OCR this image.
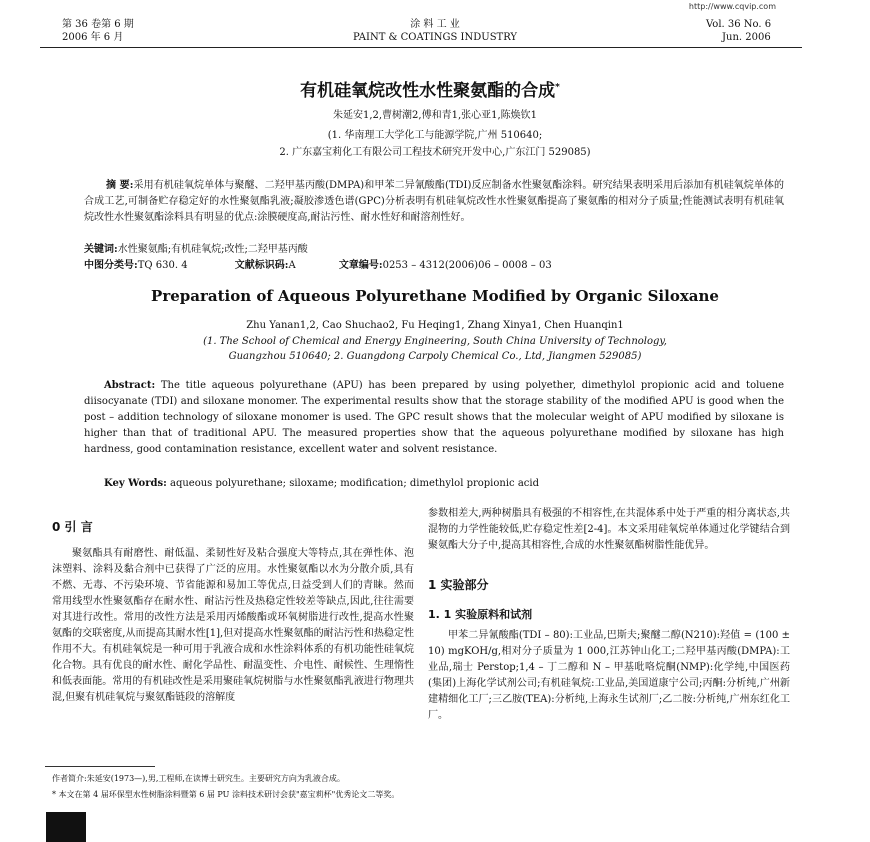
http://www.cqvip.com
第 36 卷第 6 期
2006 年 6 月
涂 料 工 业
PAINT & COATINGS INDUSTRY
Vol. 36 No. 6
Jun. 2006
有机硅氧烷改性水性聚氨酯的合成*
朱延安1,2,曹树潮2,傅和青1,张心亚1,陈焕钦1
(1. 华南理工大学化工与能源学院,广州 510640;
2. 广东嘉宝莉化工有限公司工程技术研究开发中心,广东江门 529085)
摘 要:采用有机硅氧烷单体与聚醚、二羟甲基丙酸(DMPA)和甲苯二异氰酸酯(TDI)反应制备水性聚氨酯涂料。研究结果表明采用后添加有机硅氧烷单体的合成工艺,可制备贮存稳定好的水性聚氨酯乳液;凝胶渗透色谱(GPC)分析表明有机硅氧烷改性水性聚氨酯提高了聚氨酯的相对分子质量;性能测试表明有机硅氧烷改性水性聚氨酯涂料具有明显的优点:涂膜硬度高,耐沾污性、耐水性好和耐溶剂性好。
关键词:水性聚氨酯;有机硅氧烷;改性;二羟甲基丙酸
中图分类号:TQ 630. 4	文献标识码:A	文章编号:0253 – 4312(2006)06 – 0008 – 03
Preparation of Aqueous Polyurethane Modified by Organic Siloxane
Zhu Yanan1,2, Cao Shuchao2, Fu Heqing1, Zhang Xinya1, Chen Huanqin1
(1. The School of Chemical and Energy Engineering, South China University of Technology,
Guangzhou 510640; 2. Guangdong Carpoly Chemical Co., Ltd, Jiangmen 529085)
Abstract: The title aqueous polyurethane (APU) has been prepared by using polyether, dimethylol propionic acid and toluene diisocyanate (TDI) and siloxane monomer. The experimental results show that the storage stability of the modified APU is good when the post – addition technology of siloxane monomer is used. The GPC result shows that the molecular weight of APU modified by siloxane is higher than that of traditional APU. The measured properties show that the aqueous polyurethane modified by siloxane has high hardness, good contamination resistance, excellent water and solvent resistance.
Key Words: aqueous polyurethane; siloxame; modification; dimethylol propionic acid
0 引 言

聚氨酯具有耐磨性、耐低温、柔韧性好及粘合强度大等特点,其在弹性体、泡沫塑料、涂料及黏合剂中已获得了广泛的应用。水性聚氨酯以水为分散介质,具有不燃、无毒、不污染环境、节省能源和易加工等优点,日益受到人们的青睐。然而常用线型水性聚氨酯存在耐水性、耐沾污性及热稳定性较差等缺点,因此,往往需要对其进行改性。常用的改性方法是采用丙烯酸酯或环氧树脂进行改性,提高水性聚氨酯的交联密度,从而提高其耐水性[1],但对提高水性聚氨酯的耐沾污性和热稳定性作用不大。有机硅氧烷是一种可用于乳液合成和水性涂料体系的有机功能性硅氧烷化合物。具有优良的耐水性、耐化学品性、耐温变性、介电性、耐候性、生理惰性和低表面能。常用的有机硅改性是采用聚硅氧烷树脂与水性聚氨酯乳液进行物理共混,但聚有机硅氧烷与聚氨酯链段的溶解度

参数相差大,两种树脂具有极强的不相容性,在共混体系中处于严重的相分离状态,共混物的力学性能较低,贮存稳定性差[2-4]。本文采用硅氧烷单体通过化学键结合到聚氨酯大分子中,提高其相容性,合成的水性聚氨酯树脂性能优异。

1 实验部分
1. 1 实验原料和试剂

甲苯二异氰酸酯(TDI – 80):工业品,巴斯夫;聚醚二醇(N210):羟值 = (100 ± 10) mgKOH/g,相对分子质量为 1 000,江苏钟山化工;二羟甲基丙酸(DMPA):工业品,瑞士 Perstop;1,4 – 丁二醇和 N – 甲基吡咯烷酮(NMP):化学纯,中国医药(集团)上海化学试剂公司;有机硅氧烷:工业品,美国道康宁公司;丙酮:分析纯,广州新建精细化工厂;三乙胺(TEA):分析纯,上海永生试剂厂;乙二胺:分析纯,广州东红化工厂。

作者简介:朱延安(1973—),男,工程师,在读博士研究生。主要研究方向为乳液合成。
* 本文在第 4 届环保型水性树脂涂料暨第 6 届 PU 涂料技术研讨会获"嘉宝莉杯"优秀论文二等奖。
